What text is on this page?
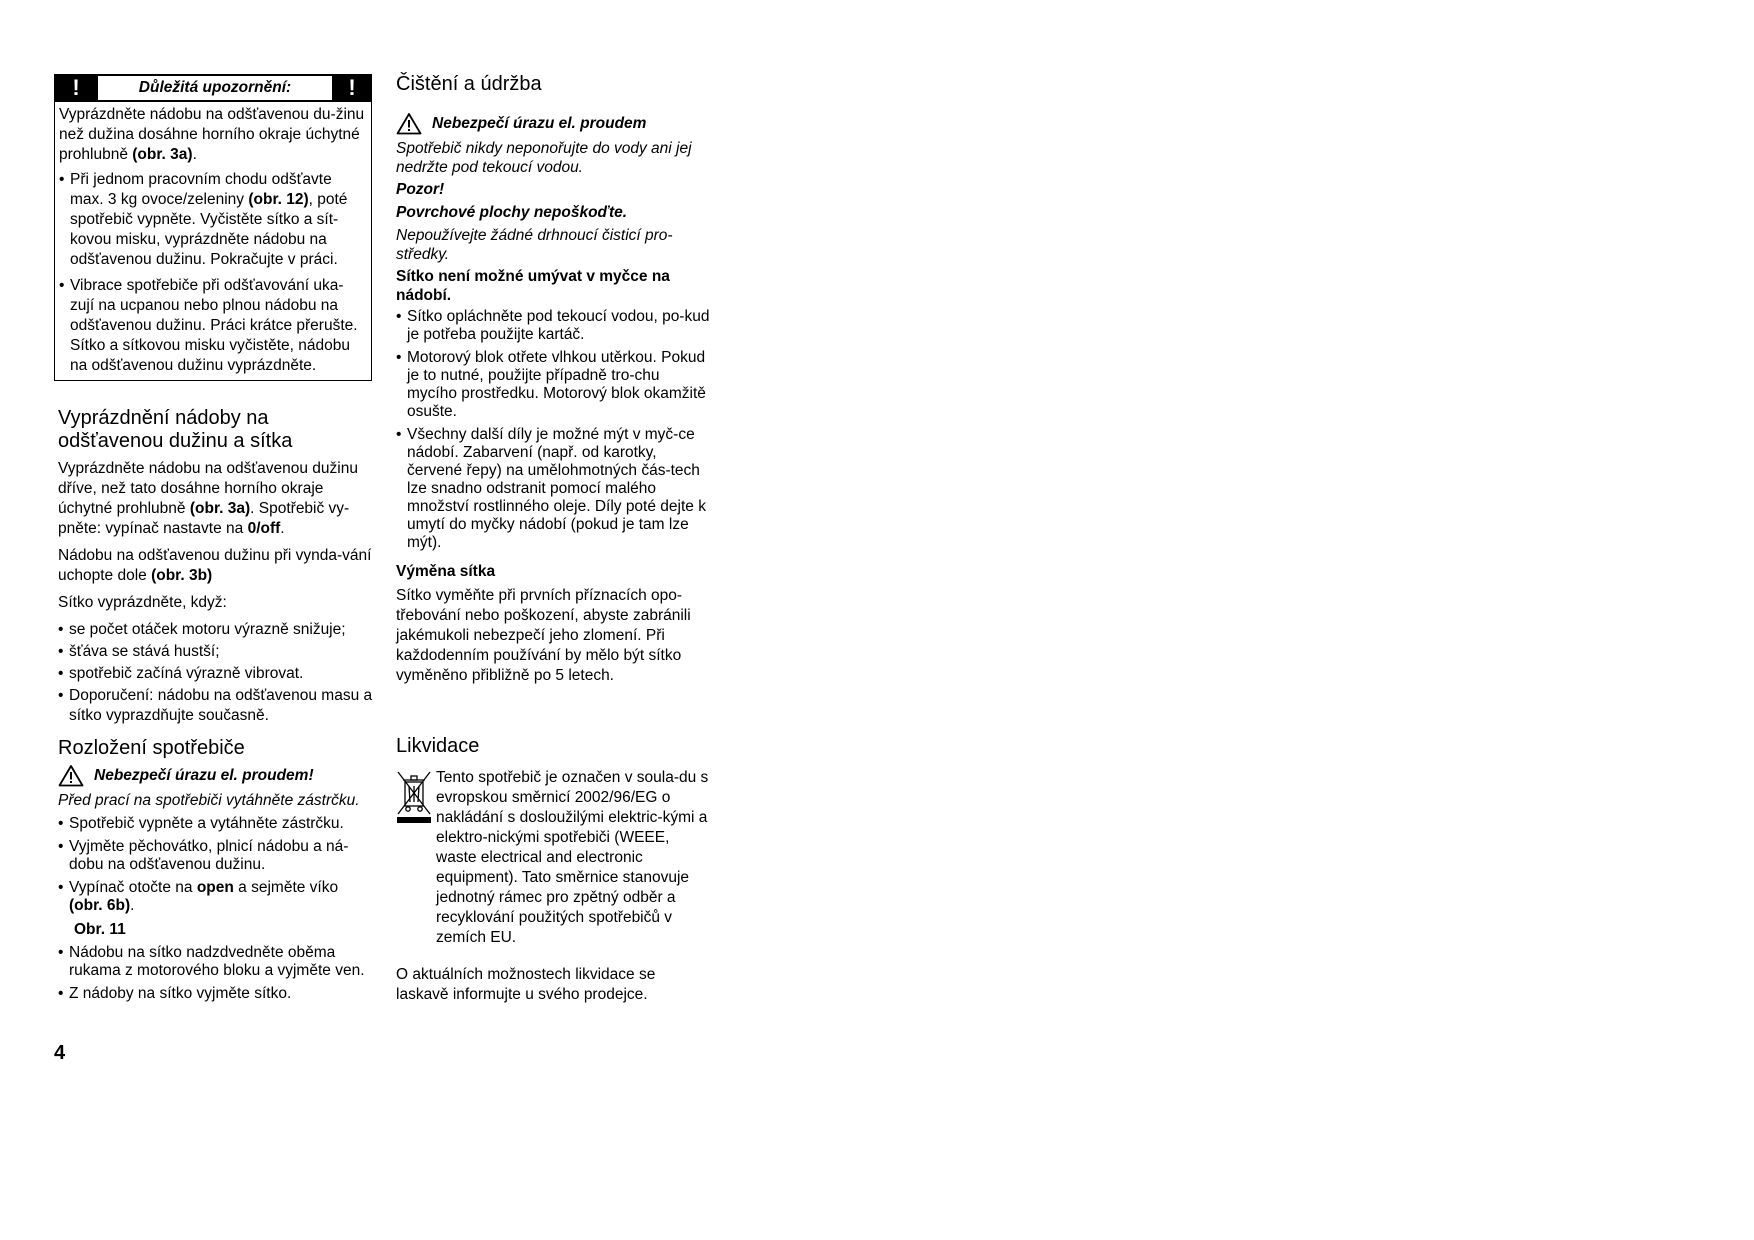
!	Důležitá upozornění:	!

Vyprázdněte nádobu na odšťavenou du-žinu než dužina dosáhne horního okraje úchytné prohlubně (obr. 3a).

• Při jednom pracovním chodu odšťavte max. 3 kg ovoce/zeleniny (obr. 12), poté spotřebič vypněte. Vyčistěte sítko a sít-kovou misku, vyprázdněte nádobu na odšťavenou dužinu. Pokračujte v práci.
• Vibrace spotřebiče při odšťavování uka-zují na ucpanou nebo plnou nádobu na odšťavenou dužinu. Práci krátce přerušte. Sítko a sítkovou misku vyčistěte, nádobu na odšťavenou dužinu vyprázdněte.
Vyprázdnění nádoby na
odšťavenou dužinu a sítka

Vyprázdněte nádobu na odšťavenou dužinu dříve, než tato dosáhne horního okraje úchytné prohlubně (obr. 3a). Spotřebič vy-pněte: vypínač nastavte na 0/off.

Nádobu na odšťavenou dužinu při vynda-vání uchopte dole (obr. 3b)

Sítko vyprázdněte, když:

• se počet otáček motoru výrazně snižuje;
• šťáva se stává hustší;
• spotřebič začíná výrazně vibrovat.
• Doporučení: nádobu na odšťavenou masu a sítko vyprazdňujte současně.
Rozložení spotřebiče
Nebezpečí úrazu el. proudem!

Před prací na spotřebiči vytáhněte zástrčku.

• Spotřebič vypněte a vytáhněte zástrčku.
• Vyjměte pěchovátko, plnicí nádobu a ná-dobu na odšťavenou dužinu.
• Vypínač otočte na open a sejměte víko (obr. 6b).

Obr. 11

• Nádobu na sítko nadzdvedněte oběma rukama z motorového bloku a vyjměte ven.
• Z nádoby na sítko vyjměte sítko.
Čištění a údržba
Nebezpečí úrazu el. proudem

Spotřebič nikdy neponořujte do vody ani jej nedržte pod tekoucí vodou.

Pozor!

Povrchové plochy nepoškoďte.

Nepoužívejte žádné drhnoucí čisticí pro-středky.

Sítko není možné umývat v myčce na nádobí.

• Sítko opláchněte pod tekoucí vodou, po-kud je potřeba použijte kartáč.
• Motorový blok otřete vlhkou utěrkou. Pokud je to nutné, použijte případně tro-chu mycího prostředku. Motorový blok okamžitě osušte.
• Všechny další díly je možné mýt v myč-ce nádobí. Zabarvení (např. od karotky, červené řepy) na umělohmotných čás-tech lze snadno odstranit pomocí malého množství rostlinného oleje. Díly poté dejte k umytí do myčky nádobí (pokud je tam lze mýt).

Výměna sítka

Sítko vyměňte při prvních příznacích opo-třebování nebo poškození, abyste zabránili jakémukoli nebezpečí jeho zlomení. Při každodenním používání by mělo být sítko vyměněno přibližně po 5 letech.

Likvidace

Tento spotřebič je označen v soula-du s evropskou směrnicí 2002/96/EG o nakládání s dosloužilými elektric-kými a elektro-nickými spotřebiči (WEEE, waste electrical and electronic equipment). Tato směrnice stanovuje jednotný rámec pro zpětný odběr a recyklování použitých spotřebičů v zemích EU.

O aktuálních možnostech likvidace se laskavě informujte u svého prodejce.

4
